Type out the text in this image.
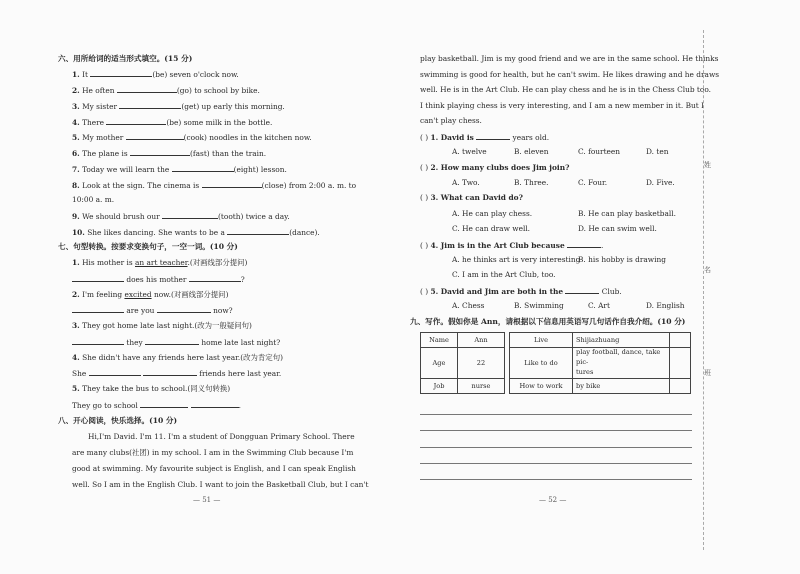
六、用所给词的适当形式填空。(15 分)
1. It	(be) seven o'clock now.
2. He often	(go) to school by bike.
3. My sister	(get) up early this morning.
4. There	(be) some milk in the bottle.
5. My mother	(cook) noodles in the kitchen now.
6. The plane is	(fast) than the train.
7. Today we will learn the	(eight) lesson.
8. Look at the sign. The cinema is	(close) from 2:00 a. m. to
10:00 a. m.
9. We should brush our	(tooth) twice a day.
10. She likes dancing. She wants to be a	(dance).
七、句型转换。按要求变换句子，一空一词。(10 分)
1. His mother is an art teacher.(对画线部分提问)
does his mother	?
2. I'm feeling excited now.(对画线部分提问)
are you	now?
3. They got home late last night.(改为一般疑问句)
they	home late last night?
4. She didn't have any friends here last year.(改为肯定句)
She	friends here last year.
5. They take the bus to school.(同义句转换)
They go to school	.
八、开心阅读，快乐选择。(10 分)
Hi,I'm David. I'm 11. I'm a student of Dongguan Primary School. There
are many clubs(社团) in my school. I am in the Swimming Club because I'm
good at swimming. My favourite subject is English, and I can speak English
well. So I am in the English Club. I want to join the Basketball Club, but I can't
— 51 —
play basketball. Jim is my good friend and we are in the same school. He thinks
swimming is good for health, but he can't swim. He likes drawing and he draws
well. He is in the Art Club. He can play chess and he is in the Chess Club too.
I think playing chess is very interesting, and I am a new member in it. But I
can't play chess.
( ) 1. David is	years old.
A. twelve	B. eleven	C. fourteen	D. ten
( ) 2. How many clubs does Jim join?
A. Two.	B. Three.	C. Four.	D. Five.
( ) 3. What can David do?
A. He can play chess.	B. He can play basketball.
C. He can draw well.	D. He can swim well.
( ) 4. Jim is in the Art Club because	.
A. he thinks art is very interesting
B. his hobby is drawing
C. I am in the Art Club, too.
( ) 5. David and Jim are both in the	Club.
A. Chess	B. Swimming	C. Art	D. English
九、写作。假如你是 Ann，请根据以下信息用英语写几句话作自我介绍。(10 分)
— 52 —
Name	Ann		Live	Shijiazhuang	
Age	22		Like to do	play football, dance, take pic-
tures	
Job	nurse		How to work	by bike	
姓
名
班
